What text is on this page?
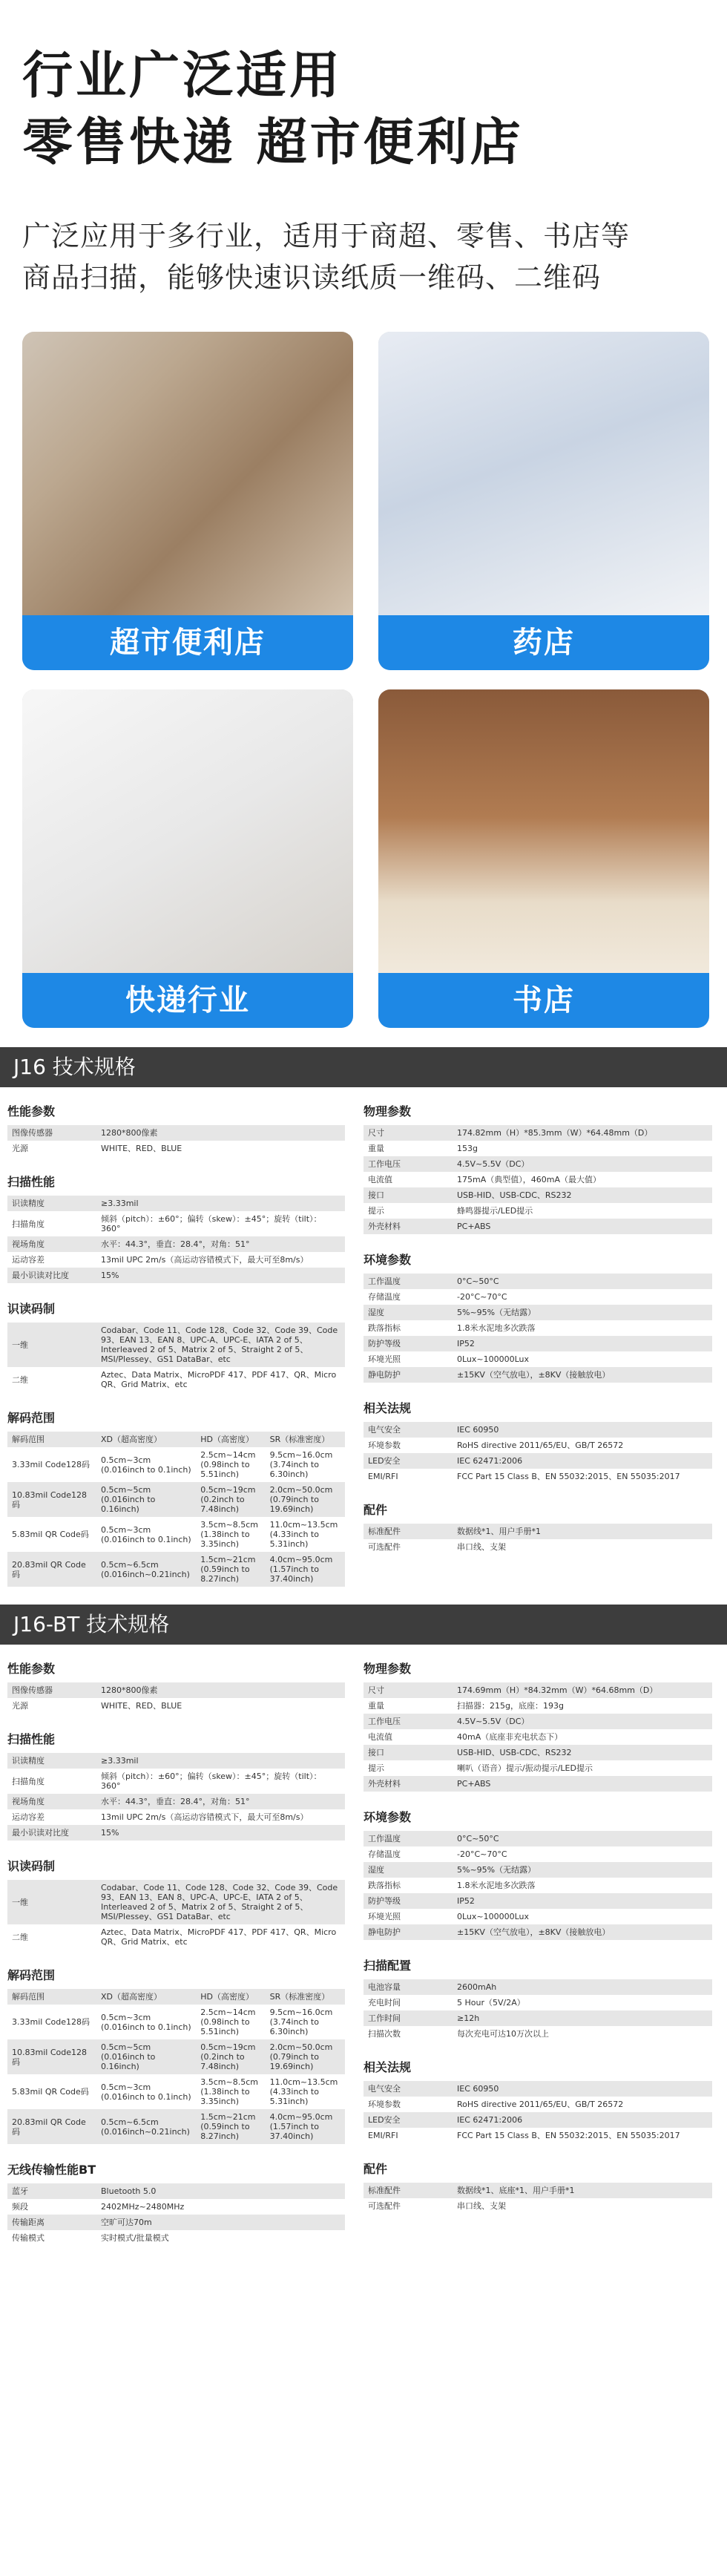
行业广泛适用
零售快递 超市便利店
广泛应用于多行业，适用于商超、零售、书店等
商品扫描，能够快速识读纸质一维码、二维码
超市便利店	药店
快递行业	书店
J16 技术规格
性能参数
图像传感器	1280*800像素
光源	WHITE、RED、BLUE
扫描性能
识读精度	≥3.33mil
扫描角度	倾斜（pitch）：±60°；偏转（skew）：±45°；旋转（tilt）：360°
视场角度	水平：44.3°，垂直：28.4°，对角：51°
运动容差	13mil UPC 2m/s（高运动容错模式下，最大可至8m/s）
最小识读对比度	15%
识读码制
一维	Codabar、Code 11、Code 128、Code 32、Code 39、Code 93、EAN 13、EAN 8、UPC-A、UPC-E、IATA 2 of 5、Interleaved 2 of 5、Matrix 2 of 5、Straight 2 of 5、MSI/Plessey、GS1 DataBar、etc
二维	Aztec、Data Matrix、MicroPDF 417、PDF 417、QR、Micro QR、Grid Matrix、etc
解码范围
解码范围	XD（超高密度）	HD（高密度）	SR（标准密度）
3.33mil Code128码	0.5cm~3cm (0.016inch to 0.1inch)	2.5cm~14cm (0.98inch to 5.51inch)	9.5cm~16.0cm (3.74inch to 6.30inch)
10.83mil Code128码	0.5cm~5cm (0.016inch to 0.16inch)	0.5cm~19cm (0.2inch to 7.48inch)	2.0cm~50.0cm (0.79inch to 19.69inch)
5.83mil QR Code码	0.5cm~3cm (0.016inch to 0.1inch)	3.5cm~8.5cm (1.38inch to 3.35inch)	11.0cm~13.5cm (4.33inch to 5.31inch)
20.83mil QR Code码	0.5cm~6.5cm (0.016inch~0.21inch)	1.5cm~21cm (0.59inch to 8.27inch)	4.0cm~95.0cm (1.57inch to 37.40inch)
物理参数
尺寸	174.82mm（H）*85.3mm（W）*64.48mm（D）
重量	153g
工作电压	4.5V~5.5V（DC）
电流值	175mA（典型值），460mA（最大值）
接口	USB-HID、USB-CDC、RS232
提示	蜂鸣器提示/LED提示
外壳材料	PC+ABS
环境参数
工作温度	0°C~50°C
存储温度	-20°C~70°C
湿度	5%~95%（无结露）
跌落指标	1.8米水泥地多次跌落
防护等级	IP52
环境光照	0Lux~100000Lux
静电防护	±15KV（空气放电），±8KV（接触放电）
相关法规
电气安全	IEC 60950
环境参数	RoHS directive 2011/65/EU、GB/T 26572
LED安全	IEC 62471:2006
EMI/RFI	FCC Part 15 Class B、EN 55032:2015、EN 55035:2017
配件
标准配件	数据线*1、用户手册*1
可选配件	串口线、支架
J16-BT 技术规格
性能参数
图像传感器	1280*800像素
光源	WHITE、RED、BLUE
扫描性能
识读精度	≥3.33mil
扫描角度	倾斜（pitch）：±60°；偏转（skew）：±45°；旋转（tilt）：360°
视场角度	水平：44.3°，垂直：28.4°，对角：51°
运动容差	13mil UPC 2m/s（高运动容错模式下，最大可至8m/s）
最小识读对比度	15%
识读码制
一维	Codabar、Code 11、Code 128、Code 32、Code 39、Code 93、EAN 13、EAN 8、UPC-A、UPC-E、IATA 2 of 5、Interleaved 2 of 5、Matrix 2 of 5、Straight 2 of 5、MSI/Plessey、GS1 DataBar、etc
二维	Aztec、Data Matrix、MicroPDF 417、PDF 417、QR、Micro QR、Grid Matrix、etc
解码范围
解码范围	XD（超高密度）	HD（高密度）	SR（标准密度）
3.33mil Code128码	0.5cm~3cm (0.016inch to 0.1inch)	2.5cm~14cm (0.98inch to 5.51inch)	9.5cm~16.0cm (3.74inch to 6.30inch)
10.83mil Code128码	0.5cm~5cm (0.016inch to 0.16inch)	0.5cm~19cm (0.2inch to 7.48inch)	2.0cm~50.0cm (0.79inch to 19.69inch)
5.83mil QR Code码	0.5cm~3cm (0.016inch to 0.1inch)	3.5cm~8.5cm (1.38inch to 3.35inch)	11.0cm~13.5cm (4.33inch to 5.31inch)
20.83mil QR Code码	0.5cm~6.5cm (0.016inch~0.21inch)	1.5cm~21cm (0.59inch to 8.27inch)	4.0cm~95.0cm (1.57inch to 37.40inch)
无线传输性能BT
蓝牙	Bluetooth 5.0
频段	2402MHz~2480MHz
传输距离	空旷可达70m
传输模式	实时模式/批量模式
物理参数
尺寸	174.69mm（H）*84.32mm（W）*64.68mm（D）
重量	扫描器：215g，底座：193g
工作电压	4.5V~5.5V（DC）
电流值	40mA（底座非充电状态下）
接口	USB-HID、USB-CDC、RS232
提示	喇叭（语音）提示/振动提示/LED提示
外壳材料	PC+ABS
环境参数
工作温度	0°C~50°C
存储温度	-20°C~70°C
湿度	5%~95%（无结露）
跌落指标	1.8米水泥地多次跌落
防护等级	IP52
环境光照	0Lux~100000Lux
静电防护	±15KV（空气放电），±8KV（接触放电）
扫描配置
电池容量	2600mAh
充电时间	5 Hour（5V/2A）
工作时间	≥12h
扫描次数	每次充电可达10万次以上
相关法规
电气安全	IEC 60950
环境参数	RoHS directive 2011/65/EU、GB/T 26572
LED安全	IEC 62471:2006
EMI/RFI	FCC Part 15 Class B、EN 55032:2015、EN 55035:2017
配件
标准配件	数据线*1、底座*1、用户手册*1
可选配件	串口线、支架
